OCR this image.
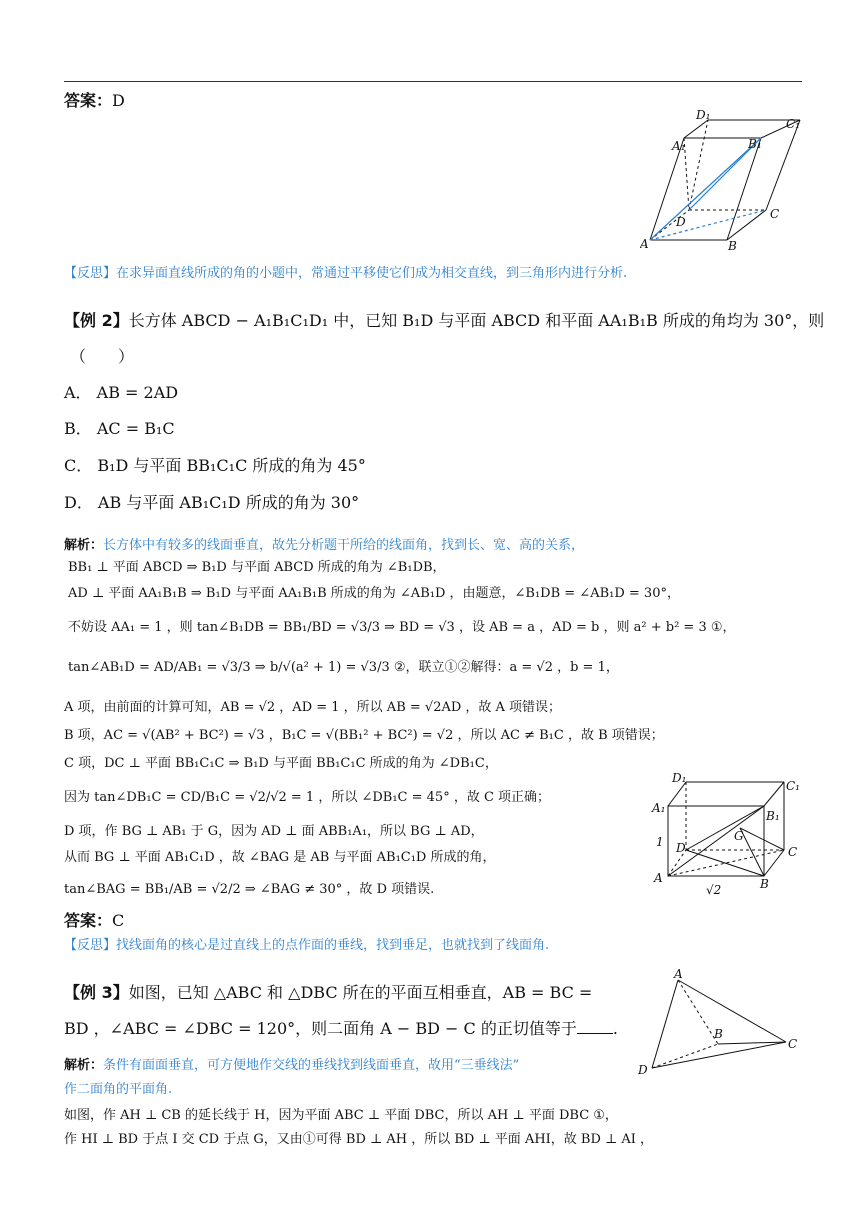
答案：D
D₁
C₁
A₁	B₁
D
C
A	B
【反思】在求异面直线所成的角的小题中，常通过平移使它们成为相交直线，到三角形内进行分析.
【例 2】长方体 ABCD − A₁B₁C₁D₁ 中，已知 B₁D 与平面 ABCD 和平面 AA₁B₁B 所成的角均为 30°，则
（　　）
A． AB = 2AD
B． AC = B₁C
C． B₁D 与平面 BB₁C₁C 所成的角为 45°
D． AB 与平面 AB₁C₁D 所成的角为 30°
解析：长方体中有较多的线面垂直，故先分析题干所给的线面角，找到长、宽、高的关系，
BB₁ ⊥ 平面 ABCD ⇒ B₁D 与平面 ABCD 所成的角为 ∠B₁DB，
AD ⊥ 平面 AA₁B₁B ⇒ B₁D 与平面 AA₁B₁B 所成的角为 ∠AB₁D ，由题意，∠B₁DB = ∠AB₁D = 30°，
不妨设 AA₁ = 1 ，则 tan∠B₁DB = BB₁/BD = √3/3 ⇒ BD = √3 ，设 AB = a ，AD = b ，则 a² + b² = 3 ①，
tan∠AB₁D = AD/AB₁ = √3/3 ⇒ b/√(a² + 1) = √3/3 ②，联立①②解得：a = √2 ，b = 1，
A 项，由前面的计算可知，AB = √2 ，AD = 1 ，所以 AB = √2AD ，故 A 项错误；
B 项，AC = √(AB² + BC²) = √3 ，B₁C = √(BB₁² + BC²) = √2 ，所以 AC ≠ B₁C ，故 B 项错误；
C 项，DC ⊥ 平面 BB₁C₁C ⇒ B₁D 与平面 BB₁C₁C 所成的角为 ∠DB₁C，
因为 tan∠DB₁C = CD/B₁C = √2/√2 = 1 ，所以 ∠DB₁C = 45° ，故 C 项正确；
D 项，作 BG ⊥ AB₁ 于 G，因为 AD ⊥ 面 ABB₁A₁，所以 BG ⊥ AD，
从而 BG ⊥ 平面 AB₁C₁D ，故 ∠BAG 是 AB 与平面 AB₁C₁D 所成的角，
tan∠BAG = BB₁/AB = √2/2 ⇒ ∠BAG ≠ 30° ，故 D 项错误.
D₁
C₁
A₁
B₁
G
D	C
A	B
1
√2
答案：C
【反思】找线面角的核心是过直线上的点作面的垂线，找到垂足，也就找到了线面角.
【例 3】如图，已知 △ABC 和 △DBC 所在的平面互相垂直，AB = BC =
BD ，∠ABC = ∠DBC = 120°，则二面角 A − BD − C 的正切值等于 .
A
B
C
D
解析：条件有面面垂直，可方便地作交线的垂线找到线面垂直，故用“三垂线法”
作二面角的平面角.
如图，作 AH ⊥ CB 的延长线于 H，因为平面 ABC ⊥ 平面 DBC，所以 AH ⊥ 平面 DBC ①，
作 HI ⊥ BD 于点 I 交 CD 于点 G，又由①可得 BD ⊥ AH ，所以 BD ⊥ 平面 AHI，故 BD ⊥ AI ，
